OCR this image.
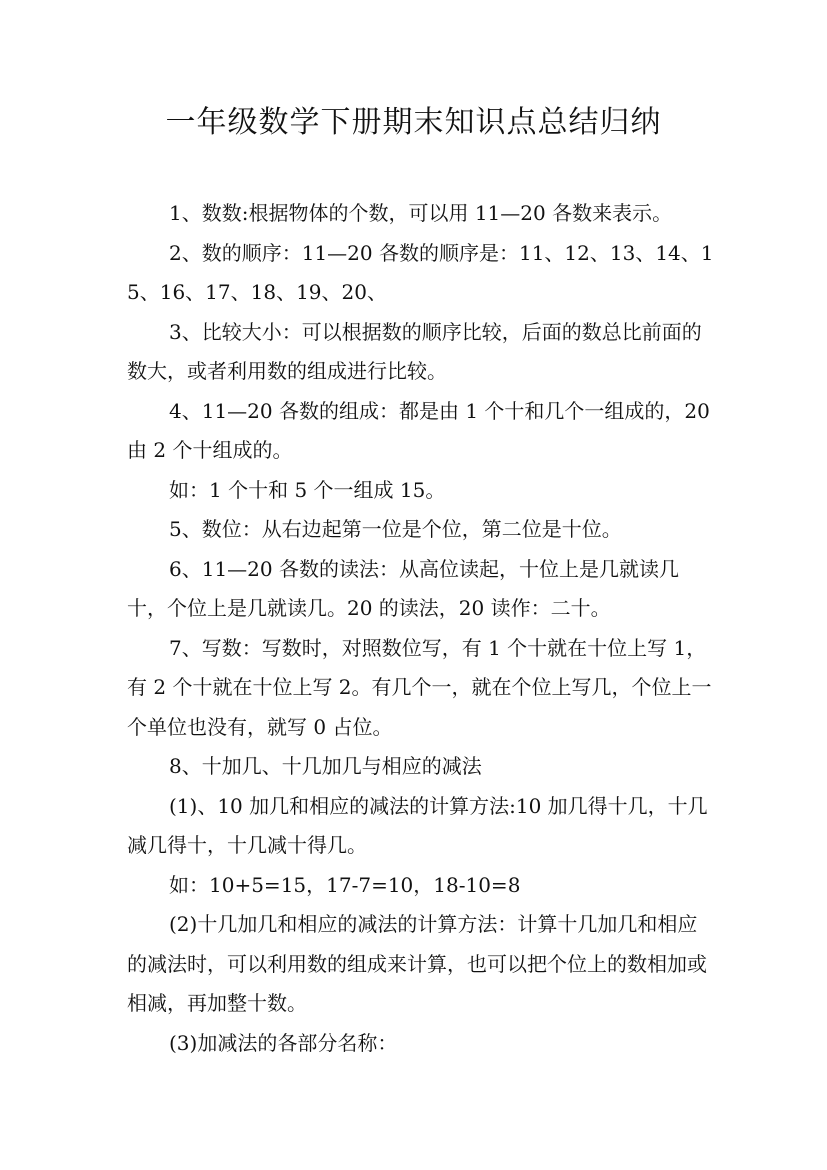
一年级数学下册期末知识点总结归纳

1、数数:根据物体的个数，可以用 11—20 各数来表示。

2、数的顺序：11—20 各数的顺序是：11、12、13、14、15、16、17、18、19、20、

3、比较大小：可以根据数的顺序比较，后面的数总比前面的数大，或者利用数的组成进行比较。

4、11—20 各数的组成：都是由 1 个十和几个一组成的，20 由 2 个十组成的。

如：1 个十和 5 个一组成 15。

5、数位：从右边起第一位是个位，第二位是十位。

6、11—20 各数的读法：从高位读起，十位上是几就读几十，个位上是几就读几。20 的读法，20 读作：二十。

7、写数：写数时，对照数位写，有 1 个十就在十位上写 1，有 2 个十就在十位上写 2。有几个一，就在个位上写几，个位上一个单位也没有，就写 0 占位。

8、十加几、十几加几与相应的减法

(1)、10 加几和相应的减法的计算方法:10 加几得十几，十几减几得十，十几减十得几。

如：10+5=15，17-7=10，18-10=8

(2)十几加几和相应的减法的计算方法：计算十几加几和相应的减法时，可以利用数的组成来计算，也可以把个位上的数相加或相减，再加整十数。

(3)加减法的各部分名称：
